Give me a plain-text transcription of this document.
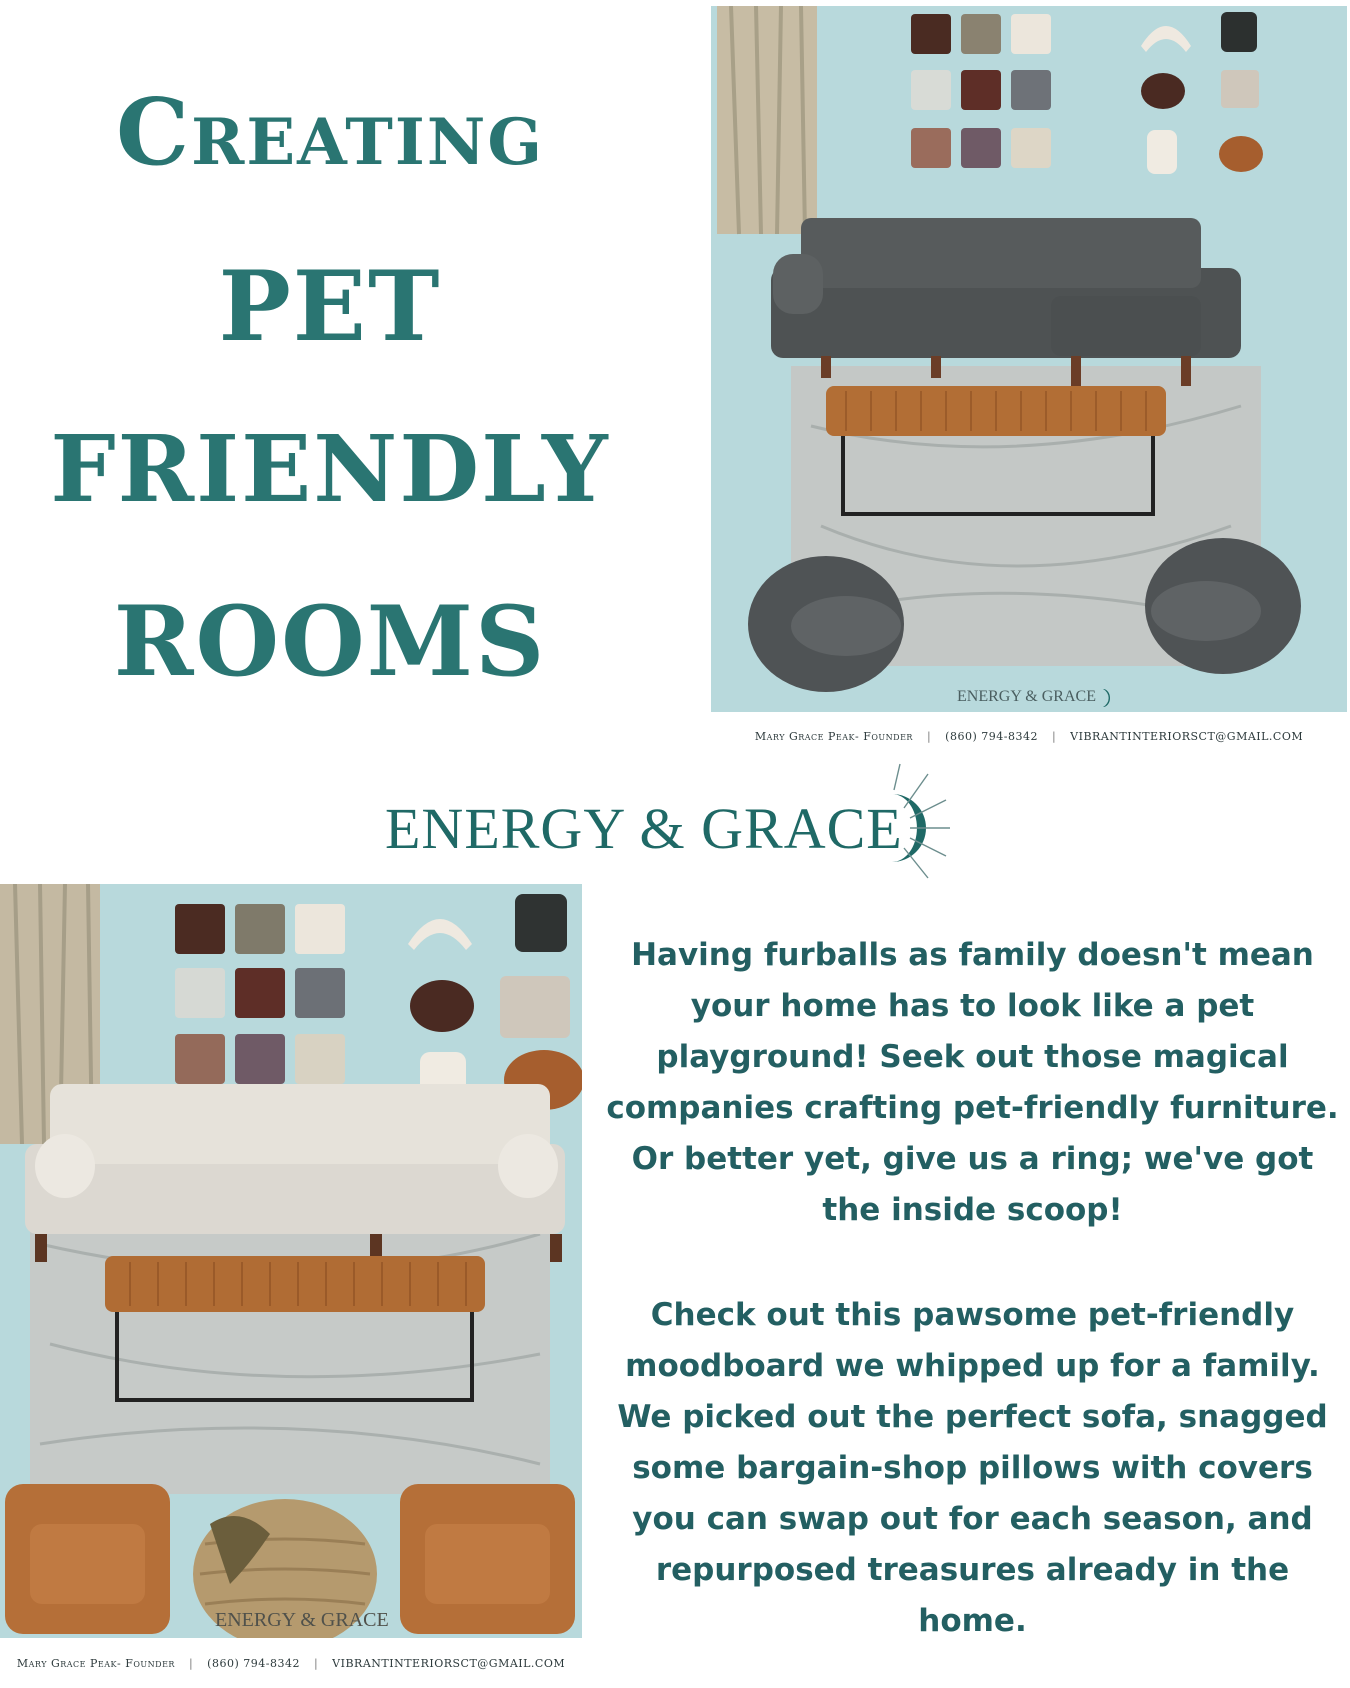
Creating
PET
FRIENDLY
ROOMS	ENERGY & GRACE
Mary Grace Peak- Founder | (860) 794-8342 | VIBRANTINTERIORSCT@GMAIL.COM
ENERGY & GRACE
ENERGY & GRACE
Mary Grace Peak- Founder | (860) 794-8342 | VIBRANTINTERIORSCT@GMAIL.COM
Having furballs as family doesn't mean your home has to look like a pet playground! Seek out those magical companies crafting pet-friendly furniture. Or better yet, give us a ring; we've got the inside scoop!
Check out this pawsome pet-friendly moodboard we whipped up for a family. We picked out the perfect sofa, snagged some bargain-shop pillows with covers you can swap out for each season, and repurposed treasures already in the home.
